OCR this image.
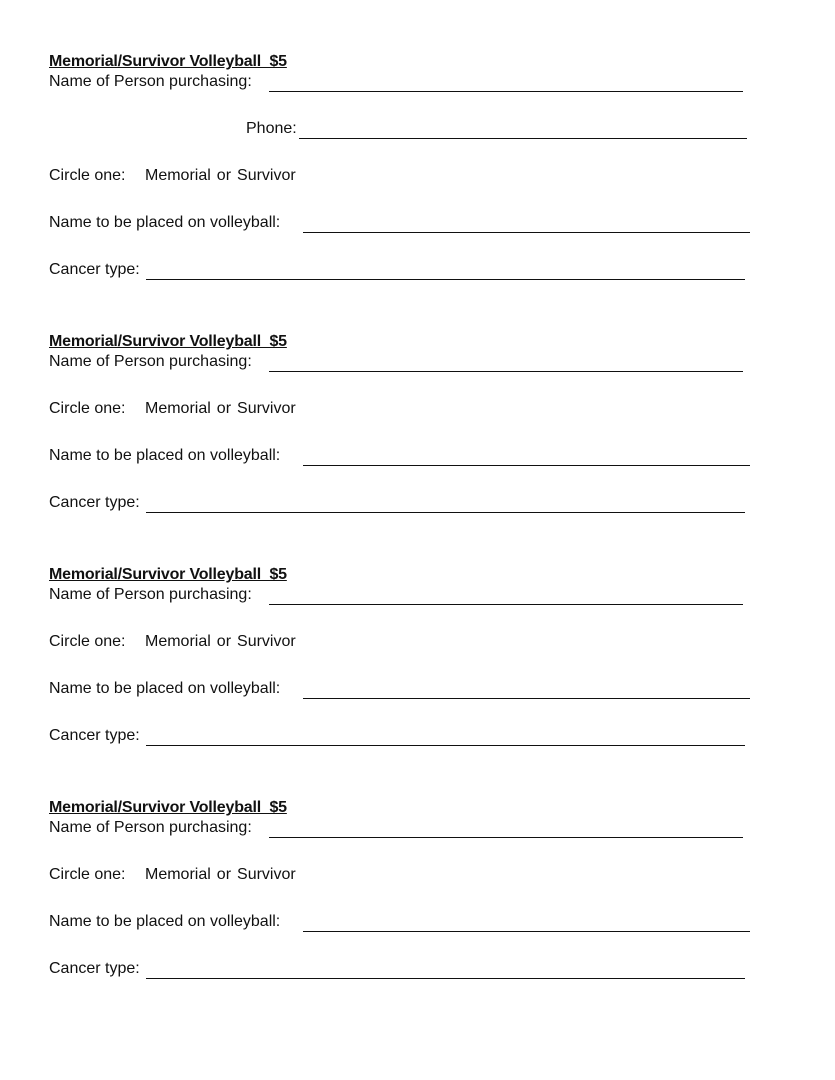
Memorial/Survivor Volleyball  $5
Name of Person purchasing:
Phone:
Circle one: Memorial or Survivor
Name to be placed on volleyball:
Cancer type:
Memorial/Survivor Volleyball  $5
Name of Person purchasing:
Circle one: Memorial or Survivor
Name to be placed on volleyball:
Cancer type:
Memorial/Survivor Volleyball  $5
Name of Person purchasing:
Circle one: Memorial or Survivor
Name to be placed on volleyball:
Cancer type:
Memorial/Survivor Volleyball  $5
Name of Person purchasing:
Circle one: Memorial or Survivor
Name to be placed on volleyball:
Cancer type:
